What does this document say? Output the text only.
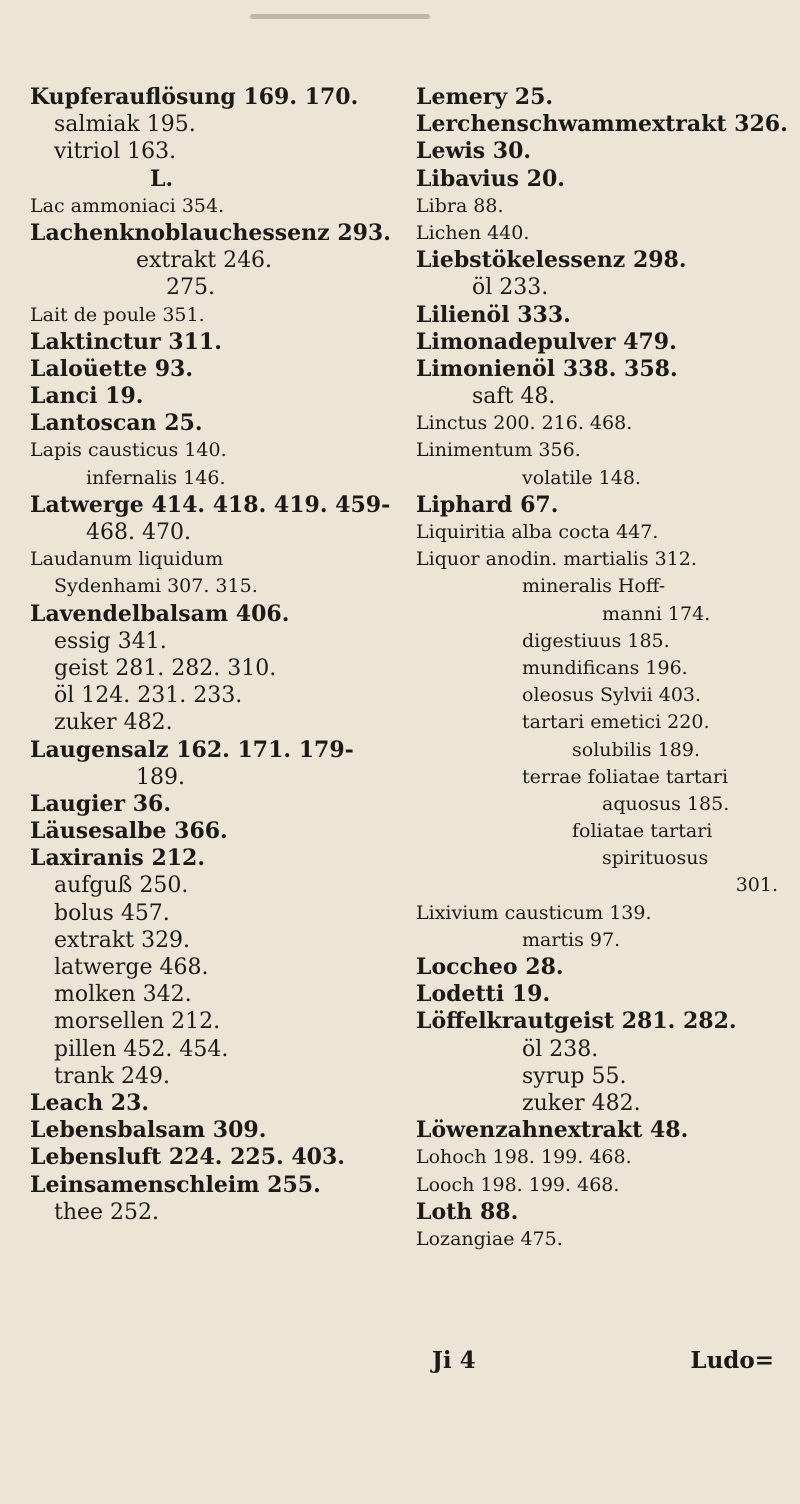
Kupferauflösung 169. 170.
salmiak 195.
vitriol 163.
L.
Lac ammoniaci 354.
Lachenknoblauchessenz 293.
extrakt 246.
275.
Lait de poule 351.
Laktinctur 311.
Laloüette 93.
Lanci 19.
Lantoscan 25.
Lapis causticus 140.
infernalis 146.
Latwerge 414. 418. 419. 459-
468. 470.
Laudanum liquidum
Sydenhami 307. 315.
Lavendelbalsam 406.
essig 341.
geist 281. 282. 310.
öl 124. 231. 233.
zuker 482.
Laugensalz 162. 171. 179-
189.
Laugier 36.
Läusesalbe 366.
Laxiranis 212.
aufguß 250.
bolus 457.
extrakt 329.
latwerge 468.
molken 342.
morsellen 212.
pillen 452. 454.
trank 249.
Leach 23.
Lebensbalsam 309.
Lebensluft 224. 225. 403.
Leinsamenschleim 255.
thee 252.
Lemery 25.
Lerchenschwammextrakt 326.
Lewis 30.
Libavius 20.
Libra 88.
Lichen 440.
Liebstökelessenz 298.
öl 233.
Lilienöl 333.
Limonadepulver 479.
Limonienöl 338. 358.
saft 48.
Linctus 200. 216. 468.
Linimentum 356.
volatile 148.
Liphard 67.
Liquiritia alba cocta 447.
Liquor anodin. martialis 312.
mineralis Hoff-
manni 174.
digestiuus 185.
mundificans 196.
oleosus Sylvii 403.
tartari emetici 220.
solubilis 189.
terrae foliatae tartari
aquosus 185.
foliatae tartari
spirituosus
301.
Lixivium causticum 139.
martis 97.
Loccheo 28.
Lodetti 19.
Löffelkrautgeist 281. 282.
öl 238.
syrup 55.
zuker 482.
Löwenzahnextrakt 48.
Lohoch 198. 199. 468.
Looch 198. 199. 468.
Loth 88.
Lozangiae 475.
Ji 4	Ludo=
